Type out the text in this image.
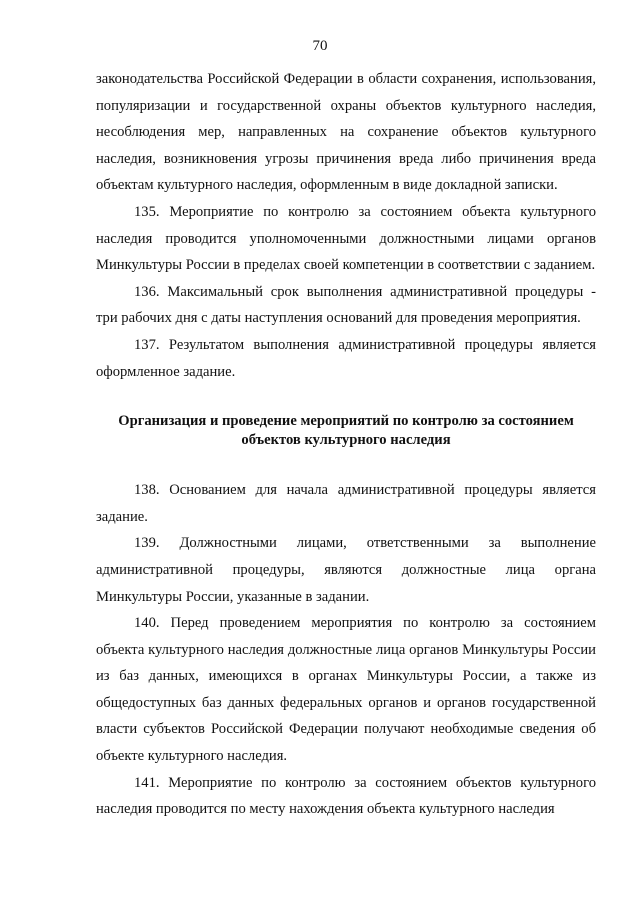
70

законодательства Российской Федерации в области сохранения, использования, популяризации и государственной охраны объектов культурного наследия, несоблюдения мер, направленных на сохранение объектов культурного наследия, возникновения угрозы причинения вреда либо причинения вреда объектам культурного наследия, оформленным в виде докладной записки.

135. Мероприятие по контролю за состоянием объекта культурного наследия проводится уполномоченными должностными лицами органов Минкультуры России в пределах своей компетенции в соответствии с заданием.

136. Максимальный срок выполнения административной процедуры - три рабочих дня с даты наступления оснований для проведения мероприятия.

137. Результатом выполнения административной процедуры является оформленное задание.

Организация и проведение мероприятий по контролю за состоянием
объектов культурного наследия

138. Основанием для начала административной процедуры является задание.

139. Должностными лицами, ответственными за выполнение административной процедуры, являются должностные лица органа Минкультуры России, указанные в задании.

140. Перед проведением мероприятия по контролю за состоянием объекта культурного наследия должностные лица органов Минкультуры России из баз данных, имеющихся в органах Минкультуры России, а также из общедоступных баз данных федеральных органов и органов государственной власти субъектов Российской Федерации получают необходимые сведения об объекте культурного наследия.

141. Мероприятие по контролю за состоянием объектов культурного наследия проводится по месту нахождения объекта культурного наследия
